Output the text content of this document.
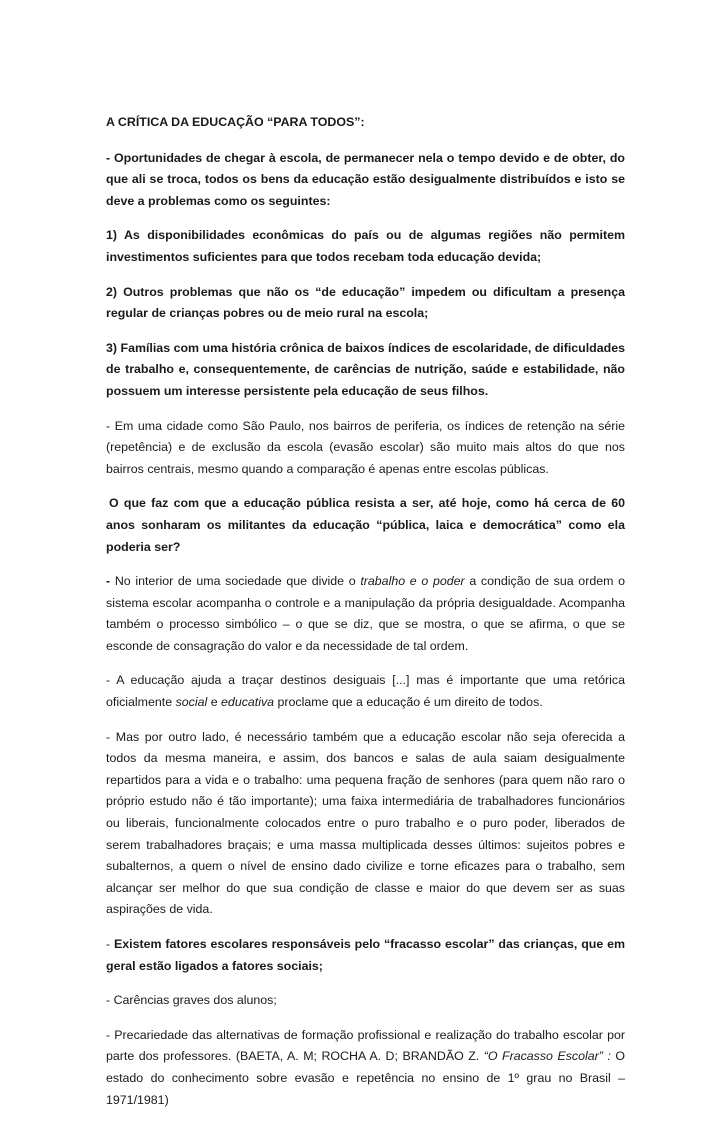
A CRÍTICA DA EDUCAÇÃO “PARA TODOS”:
- Oportunidades de chegar à escola, de permanecer nela o tempo devido e de obter, do que ali se troca, todos os bens da educação estão desigualmente distribuídos e isto se deve a problemas como os seguintes:
1) As disponibilidades econômicas do país ou de algumas regiões não permitem investimentos suficientes para que todos recebam toda educação devida;
2) Outros problemas que não os “de educação” impedem ou dificultam a presença regular de crianças pobres ou de meio rural na escola;
3) Famílias com uma história crônica de baixos índices de escolaridade, de dificuldades de trabalho e, consequentemente, de carências de nutrição, saúde e estabilidade, não possuem um interesse persistente pela educação de seus filhos.
- Em uma cidade como São Paulo, nos bairros de periferia, os índices de retenção na série (repetência) e de exclusão da escola (evasão escolar) são muito mais altos do que nos bairros centrais, mesmo quando a comparação é apenas entre escolas públicas.
O que faz com que a educação pública resista a ser, até hoje, como há cerca de 60 anos sonharam os militantes da educação “pública, laica e democrática” como ela poderia ser?
- No interior de uma sociedade que divide o trabalho e o poder a condição de sua ordem o sistema escolar acompanha o controle e a manipulação da própria desigualdade. Acompanha também o processo simbólico – o que se diz, que se mostra, o que se afirma, o que se esconde de consagração do valor e da necessidade de tal ordem.
- A educação ajuda a traçar destinos desiguais [...] mas é importante que uma retórica oficialmente social e educativa proclame que a educação é um direito de todos.
- Mas por outro lado, é necessário também que a educação escolar não seja oferecida a todos da mesma maneira, e assim, dos bancos e salas de aula saiam desigualmente repartidos para a vida e o trabalho: uma pequena fração de senhores (para quem não raro o próprio estudo não é tão importante); uma faixa intermediária de trabalhadores funcionários ou liberais, funcionalmente colocados entre o puro trabalho e o puro poder, liberados de serem trabalhadores braçais; e uma massa multiplicada desses últimos: sujeitos pobres e subalternos, a quem o nível de ensino dado civilize e torne eficazes para o trabalho, sem alcançar ser melhor do que sua condição de classe e maior do que devem ser as suas aspirações de vida.
- Existem fatores escolares responsáveis pelo “fracasso escolar” das crianças, que em geral estão ligados a fatores sociais;
- Carências graves dos alunos;
- Precariedade das alternativas de formação profissional e realização do trabalho escolar por parte dos professores. (BAETA, A. M; ROCHA A. D; BRANDÃO Z. “O Fracasso Escolar” : O estado do conhecimento sobre evasão e repetência no ensino de 1º grau no Brasil – 1971/1981)
